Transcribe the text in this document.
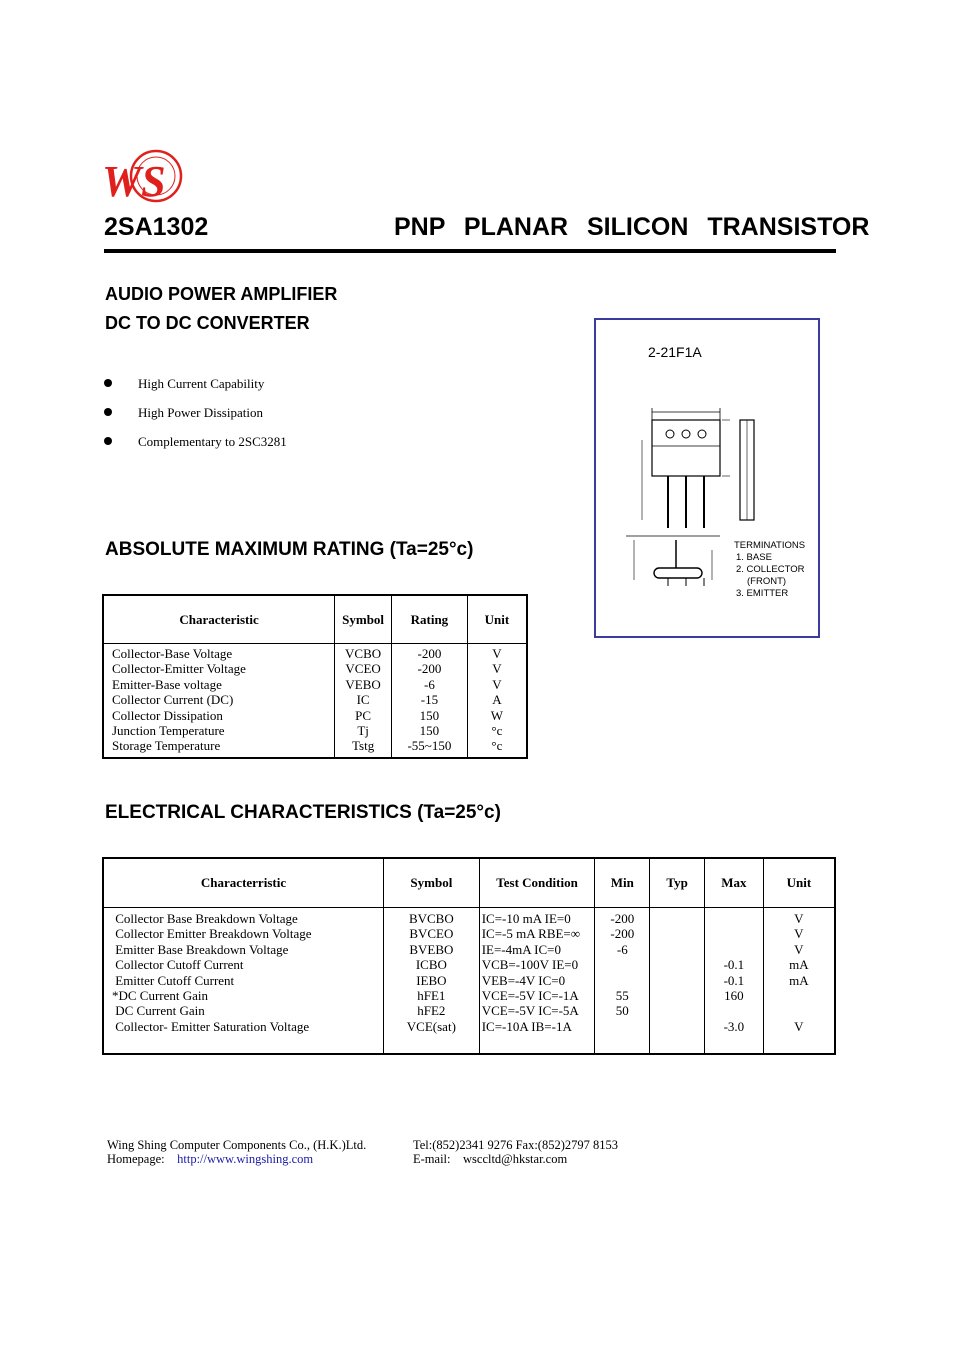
WS
2SA1302	PNP PLANAR SILICON TRANSISTOR
AUDIO POWER AMPLIFIER
DC TO DC CONVERTER
High Current Capability
High Power Dissipation
Complementary to 2SC3281
2-21F1A
TERMINATIONS
1. BASE
2. COLLECTOR
(FRONT)
3. EMITTER
ABSOLUTE MAXIMUM RATING (Ta=25°c)
Characteristic	Symbol	Rating	Unit
Collector-Base Voltage	VCBO	-200	V
Collector-Emitter Voltage	VCEO	-200	V
Emitter-Base voltage	VEBO	-6	V
Collector Current (DC)	IC	-15	A
Collector Dissipation	PC	150	W
Junction Temperature	Tj	150	°c
Storage Temperature	Tstg	-55~150	°c
ELECTRICAL CHARACTERISTICS (Ta=25°c)
Characterristic	Symbol	Test Condition	Min	Typ	Max	Unit
Collector Base Breakdown Voltage	BVCBO	IC=-10 mA IE=0	-200			V
Collector Emitter Breakdown Voltage	BVCEO	IC=-5 mA RBE=∞	-200			V
Emitter Base Breakdown Voltage	BVEBO	IE=-4mA IC=0	-6			V
Collector Cutoff Current	ICBO	VCB=-100V IE=0			-0.1	mA
Emitter Cutoff Current	IEBO	VEB=-4V IC=0			-0.1	mA
*DC Current Gain	hFE1	VCE=-5V IC=-1A	55		160	
DC Current Gain	hFE2	VCE=-5V IC=-5A	50			
Collector- Emitter Saturation Voltage	VCE(sat)	IC=-10A IB=-1A			-3.0	V
Wing Shing Computer Components Co., (H.K.)Ltd.
Homepage: http://www.wingshing.com
Tel:(852)2341 9276 Fax:(852)2797 8153
E-mail: wsccltd@hkstar.com
